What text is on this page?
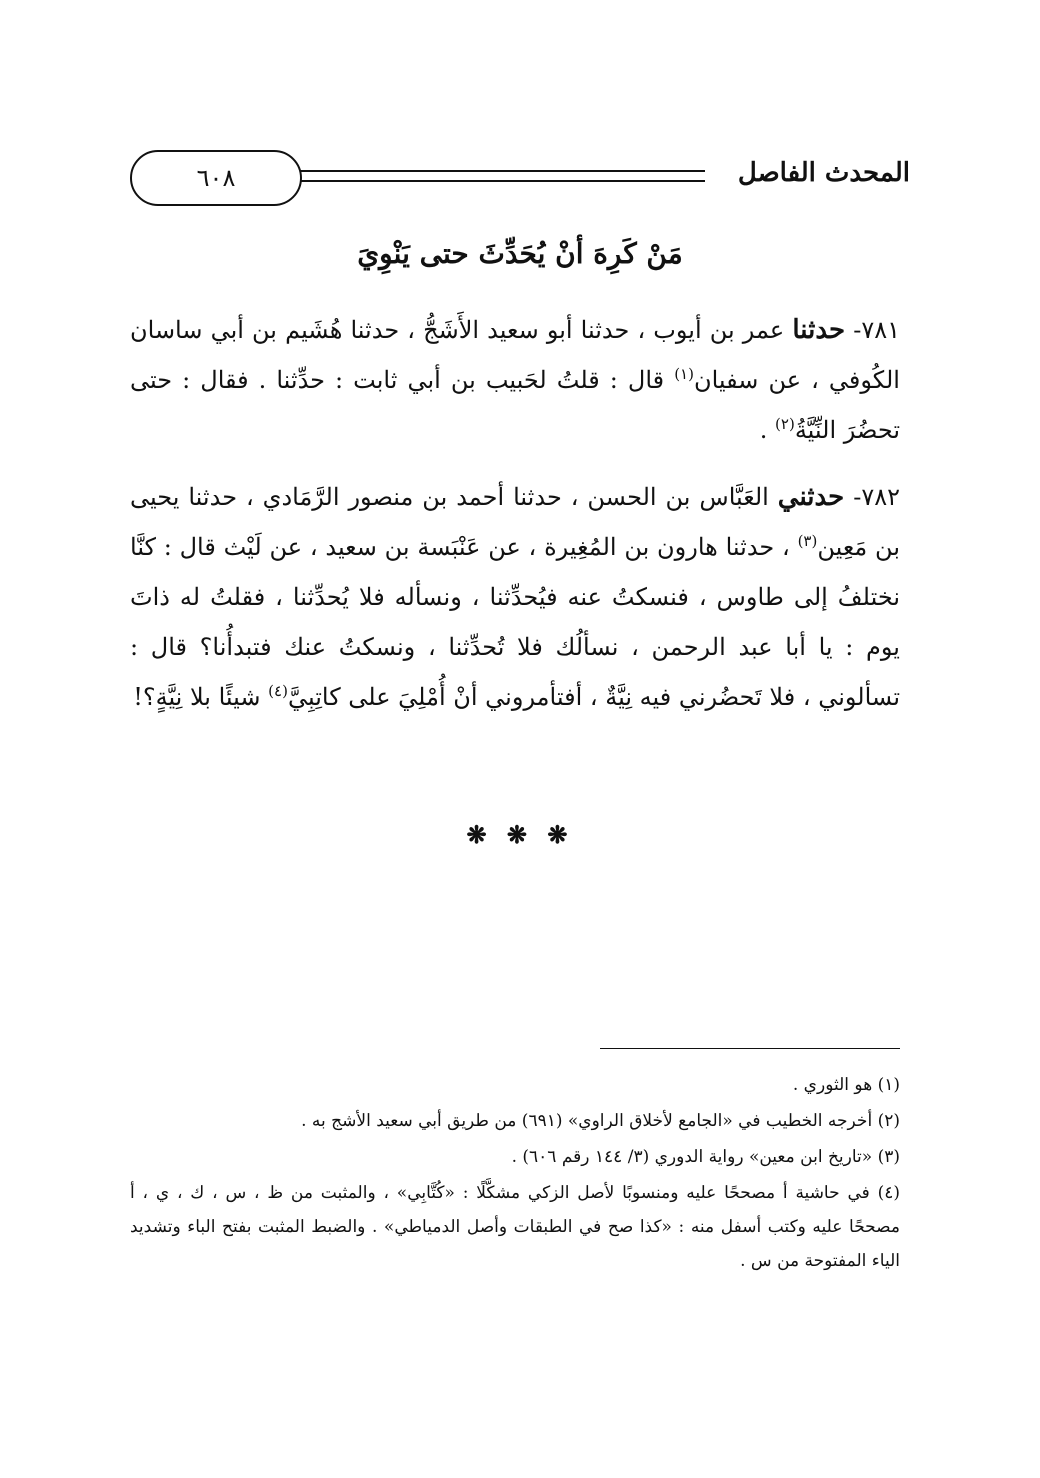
٦٠٨	المحدث الفاصل
مَنْ كَرِهَ أنْ يُحَدِّثَ حتى يَنْوِيَ

٧٨١- حدثنا عمر بن أيوب ، حدثنا أبو سعيد الأَشَجُّ ، حدثنا هُشَيم بن أبي ساسان الكُوفي ، عن سفيان$^{(١)}$ قال : قلتُ لحَبيب بن أبي ثابت : حدِّثنا . فقال : حتى تحضُرَ النِّيَّةُ$^{(٢)}$ .

٧٨٢- حدثني العَبَّاس بن الحسن ، حدثنا أحمد بن منصور الرَّمَادي ، حدثنا يحيى بن مَعِين$^{(٣)}$ ، حدثنا هارون بن المُغِيرة ، عن عَنْبَسة بن سعيد ، عن لَيْث قال : كنَّا نختلفُ إلى طاوس ، فنسكتُ عنه فيُحدِّثنا ، ونسأله فلا يُحدِّثنا ، فقلتُ له ذاتَ يوم : يا أبا عبد الرحمن ، نسألُك فلا تُحدِّثنا ، ونسكتُ عنك فتبدأُنا؟ قال : تسألوني ، فلا تَحضُرني فيه نِيَّةٌ ، أفتأمروني أنْ أُمْلِيَ على كاتِبِيَّ$^{(٤)}$ شيئًا بلا نِيَّةٍ؟!

❋ ❋ ❋

(١) هو الثوري .

(٢) أخرجه الخطيب في «الجامع لأخلاق الراوي» (٦٩١) من طريق أبي سعيد الأشج به .

(٣) «تاريخ ابن معين» رواية الدوري (٣/ ١٤٤ رقم ٦٠٦) .

(٤) في حاشية أ مصححًا عليه ومنسوبًا لأصل الزكي مشكَّلًا : «كُتَّابِي» ، والمثبت من ظ ، س ، ك ، ي ، أ مصححًا عليه وكتب أسفل منه : «كذا صح في الطبقات وأصل الدمياطي» . والضبط المثبت بفتح الباء وتشديد الياء المفتوحة من س .
